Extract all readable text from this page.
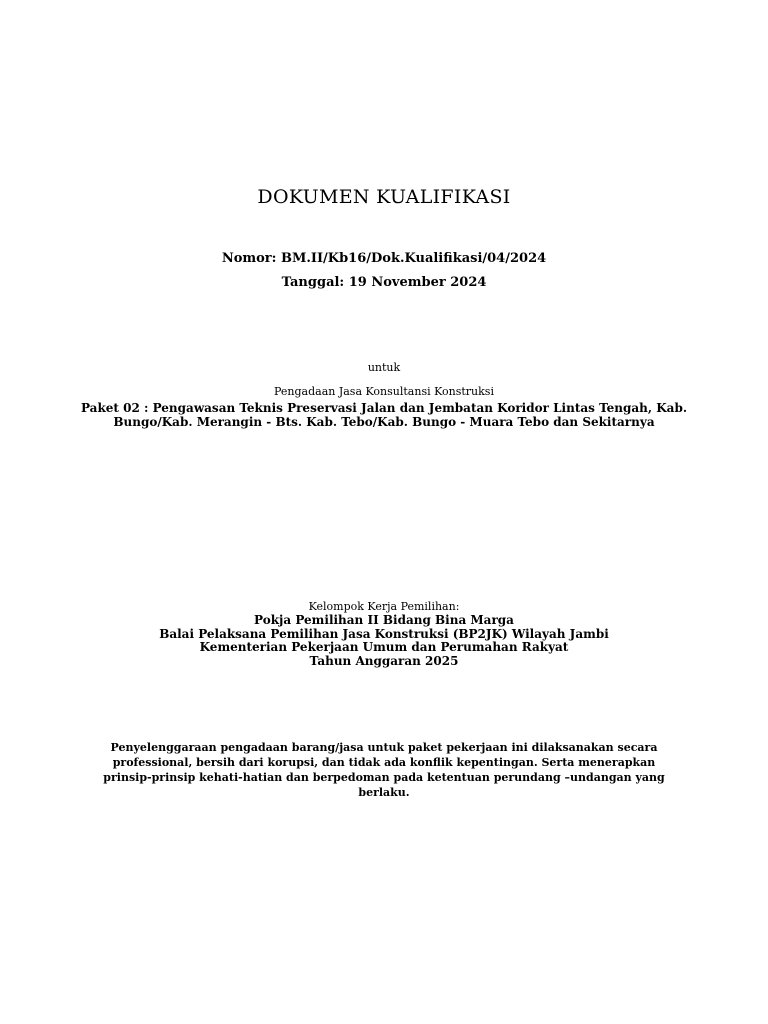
DOKUMEN KUALIFIKASI
Nomor: BM.II/Kb16/Dok.Kualifikasi/04/2024
Tanggal: 19 November 2024
untuk
Pengadaan Jasa Konsultansi Konstruksi
Paket 02 : Pengawasan Teknis Preservasi Jalan dan Jembatan Koridor Lintas Tengah, Kab.
Bungo/Kab. Merangin - Bts. Kab. Tebo/Kab. Bungo - Muara Tebo dan Sekitarnya
Kelompok Kerja Pemilihan:
Pokja Pemilihan II Bidang Bina Marga
Balai Pelaksana Pemilihan Jasa Konstruksi (BP2JK) Wilayah Jambi
Kementerian Pekerjaan Umum dan Perumahan Rakyat
Tahun Anggaran 2025
Penyelenggaraan pengadaan barang/jasa untuk paket pekerjaan ini dilaksanakan secara
professional, bersih dari korupsi, dan tidak ada konflik kepentingan. Serta menerapkan
prinsip-prinsip kehati-hatian dan berpedoman pada ketentuan perundang –undangan yang
berlaku.
